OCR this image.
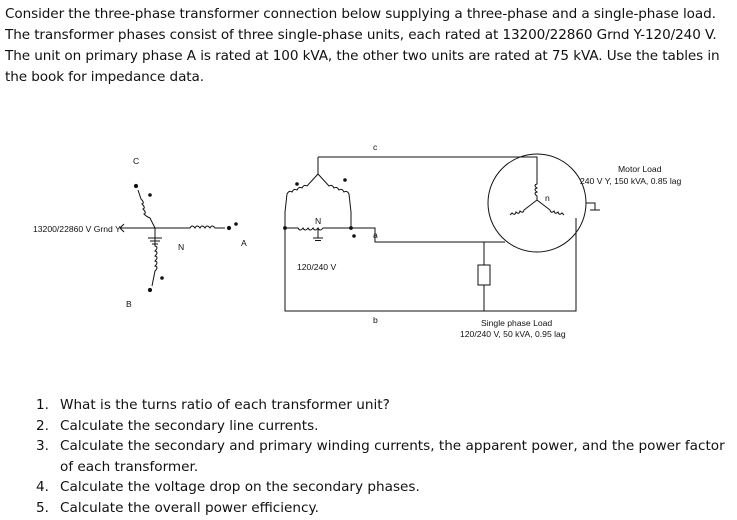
Consider the three-phase transformer connection below supplying a three-phase and a single-phase load. The transformer phases consist of three single-phase units, each rated at 13200/22860 Grnd Y-120/240 V. The unit on primary phase A is rated at 100 kVA, the other two units are rated at 75 kVA. Use the tables in the book for impedance data.

C
A
B
N
13200/22860 V Grnd Y
N
a
b
c
120/240 V
n
Motor Load
240 V Y, 150 kVA, 0.85 lag
Single phase Load
120/240 V, 50 kVA, 0.95 lag
1. What is the turns ratio of each transformer unit?
2. Calculate the secondary line currents.
3. Calculate the secondary and primary winding currents, the apparent power, and the power factor of each transformer.
4. Calculate the voltage drop on the secondary phases.
5. Calculate the overall power efficiency.
